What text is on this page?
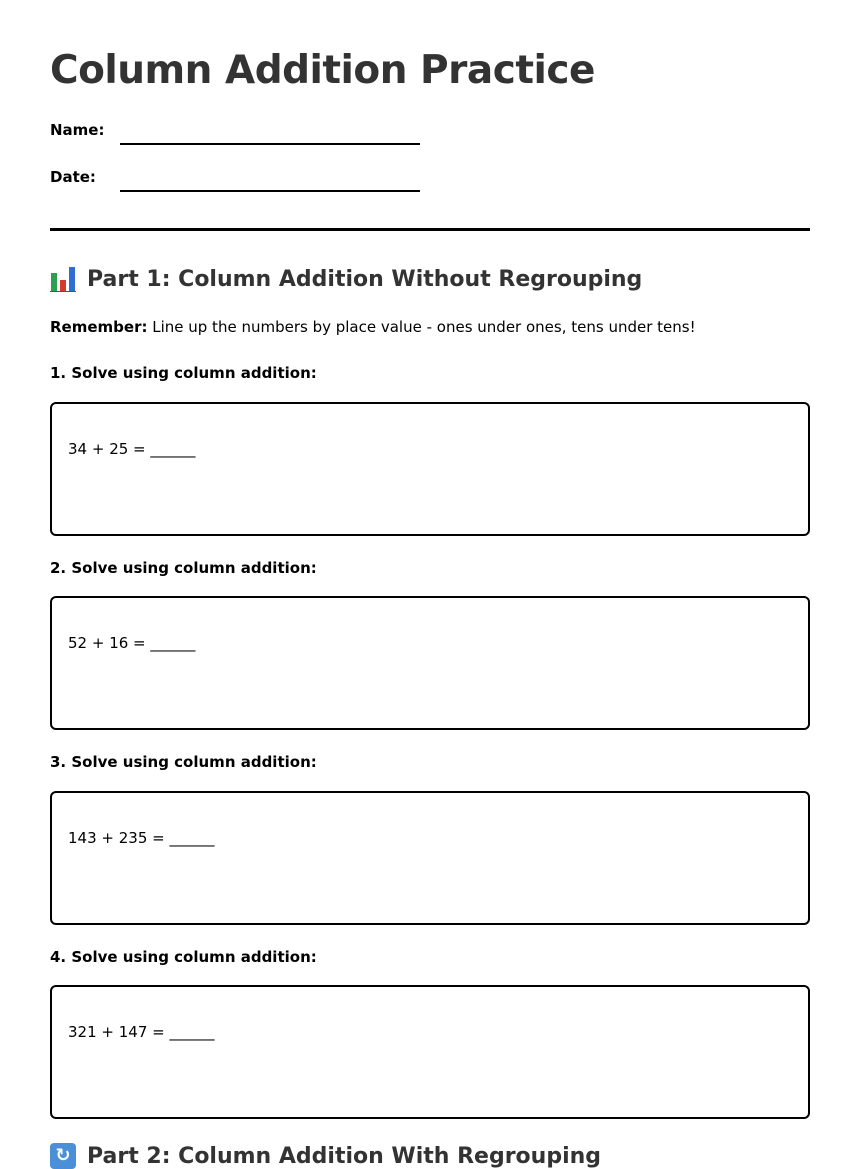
Column Addition Practice
Name:
Date:
Part 1: Column Addition Without Regrouping
Remember: Line up the numbers by place value - ones under ones, tens under tens!
1. Solve using column addition:
34 + 25 = ______
2. Solve using column addition:
52 + 16 = ______
3. Solve using column addition:
143 + 235 = ______
4. Solve using column addition:
321 + 147 = ______
↻ Part 2: Column Addition With Regrouping
